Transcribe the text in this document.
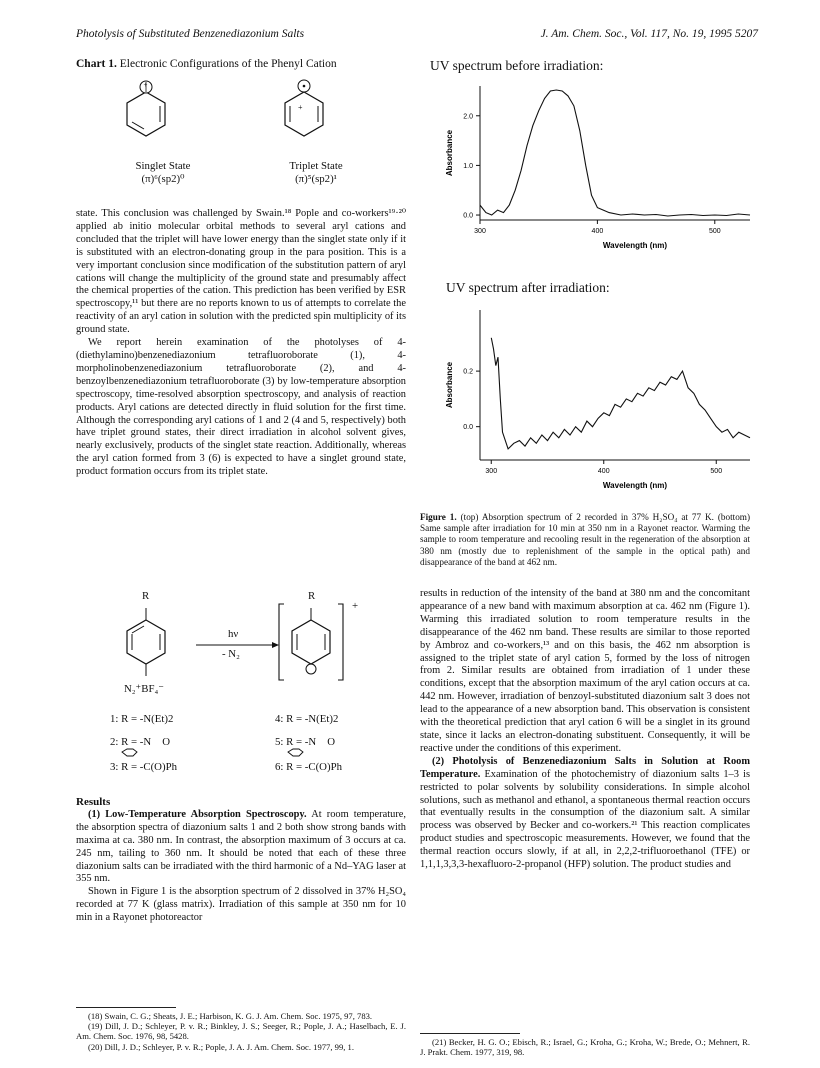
Photolysis of Substituted Benzenediazonium Salts	J. Am. Chem. Soc., Vol. 117, No. 19, 1995 5207
Chart 1. Electronic Configurations of the Phenyl Cation
+
+
Singlet State
(π)⁶(sp2)⁰
Triplet State
(π)⁵(sp2)¹

state. This conclusion was challenged by Swain.¹⁸ Pople and co-workers¹⁹·²⁰ applied ab initio molecular orbital methods to several aryl cations and concluded that the triplet will have lower energy than the singlet state only if it is substituted with an electron-donating group in the para position. This is a very important conclusion since modification of the substitution pattern of aryl cations will change the multiplicity of the ground state and presumably affect the chemical properties of the cation. This prediction has been verified by ESR spectroscopy,¹¹ but there are no reports known to us of attempts to correlate the reactivity of an aryl cation in solution with the predicted spin multiplicity of its ground state.

We report herein examination of the photolyses of 4-(diethylamino)benzenediazonium tetrafluoroborate (1), 4-morpholinobenzenediazonium tetrafluoroborate (2), and 4-benzoylbenzenediazonium tetrafluoroborate (3) by low-temperature absorption spectroscopy, time-resolved absorption spectroscopy, and analysis of reaction products. Aryl cations are detected directly in fluid solution for the first time. Although the corresponding aryl cations of 1 and 2 (4 and 5, respectively) both have triplet ground states, their direct irradiation in alcohol solvent gives, nearly exclusively, products of the singlet state reaction. Additionally, whereas the aryl cation formed from 3 (6) is expected to have a singlet ground state, product formation occurs from its triplet state.

R	R
+
hν
- N₂
N₂⁺BF₄⁻
1: R = -N(Et)2
2: R = -N O
3: R = -C(O)Ph
4: R = -N(Et)2
5: R = -N O
6: R = -C(O)Ph

Results

(1) Low-Temperature Absorption Spectroscopy. At room temperature, the absorption spectra of diazonium salts 1 and 2 both show strong bands with maxima at ca. 380 nm. In contrast, the absorption maximum of 3 occurs at ca. 245 nm, tailing to 360 nm. It should be noted that each of these three diazonium salts can be irradiated with the third harmonic of a Nd–YAG laser at 355 nm.

Shown in Figure 1 is the absorption spectrum of 2 dissolved in 37% H₂SO₄ recorded at 77 K (glass matrix). Irradiation of this sample at 350 nm for 10 min in a Rayonet photoreactor

(18) Swain, C. G.; Sheats, J. E.; Harbison, K. G. J. Am. Chem. Soc. 1975, 97, 783.

(19) Dill, J. D.; Schleyer, P. v. R.; Binkley, J. S.; Seeger, R.; Pople, J. A.; Haselbach, E. J. Am. Chem. Soc. 1976, 98, 5428.

(20) Dill, J. D.; Schleyer, P. v. R.; Pople, J. A. J. Am. Chem. Soc. 1977, 99, 1.

UV spectrum before irradiation:
300	400	500
0.0
1.0
2.0
Wavelength (nm)
Absorbance
UV spectrum after irradiation:
300	400	500
0.0
0.2
Wavelength (nm)
Absorbance
Figure 1. (top) Absorption spectrum of 2 recorded in 37% H₂SO₄ at 77 K. (bottom) Same sample after irradiation for 10 min at 350 nm in a Rayonet reactor. Warming the sample to room temperature and recooling result in the regeneration of the absorption at 380 nm (mostly due to replenishment of the sample in the optical path) and disappearance of the band at 462 nm.

results in reduction of the intensity of the band at 380 nm and the concomitant appearance of a new band with maximum absorption at ca. 462 nm (Figure 1). Warming this irradiated solution to room temperature results in the disappearance of the 462 nm band. These results are similar to those reported by Ambroz and co-workers,¹³ and on this basis, the 462 nm absorption is assigned to the triplet state of aryl cation 5, formed by the loss of nitrogen from 2. Similar results are obtained from irradiation of 1 under these conditions, except that the absorption maximum of the aryl cation occurs at ca. 442 nm. However, irradiation of benzoyl-substituted diazonium salt 3 does not lead to the appearance of a new absorption band. This observation is consistent with the theoretical prediction that aryl cation 6 will be a singlet in its ground state, since it lacks an electron-donating substituent. Consequently, it will be reactive under the conditions of this experiment.

(2) Photolysis of Benzenediazonium Salts in Solution at Room Temperature. Examination of the photochemistry of diazonium salts 1–3 is restricted to polar solvents by solubility considerations. In simple alcohol solutions, such as methanol and ethanol, a spontaneous thermal reaction occurs that eventually results in the consumption of the diazonium salt. A similar process was observed by Becker and co-workers.²¹ This reaction complicates product studies and spectroscopic measurements. However, we found that the thermal reaction occurs slowly, if at all, in 2,2,2-trifluoroethanol (TFE) or 1,1,1,3,3,3-hexafluoro-2-propanol (HFP) solution. The product studies and

(21) Becker, H. G. O.; Ebisch, R.; Israel, G.; Kroha, G.; Kroha, W.; Brede, O.; Mehnert, R. J. Prakt. Chem. 1977, 319, 98.
